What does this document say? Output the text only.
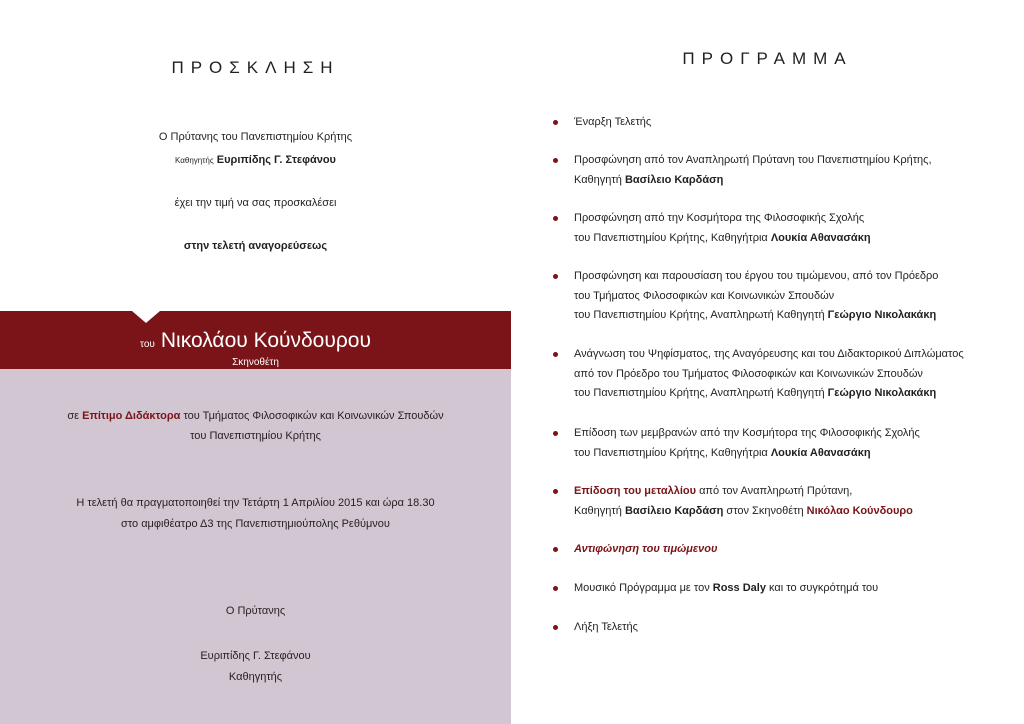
ΠΡΟΣΚΛΗΣΗ
Ο Πρύτανης του Πανεπιστημίου Κρήτης
Καθηγητής Ευριπίδης Γ. Στεφάνου
έχει την τιμή να σας προσκαλέσει
στην τελετή αναγορεύσεως
του Νικολάου Κούνδουρου
Σκηνοθέτη
σε Επίτιμο Διδάκτορα του Τμήματος Φιλοσοφικών και Κοινωνικών Σπουδών
του Πανεπιστημίου Κρήτης
Η τελετή θα πραγματοποιηθεί την Τετάρτη 1 Απριλίου 2015 και ώρα 18.30
στο αμφιθέατρο Δ3 της Πανεπιστημιούπολης Ρεθύμνου
Ο Πρύτανης
Ευριπίδης Γ. Στεφάνου
Καθηγητής
ΠΡΟΓΡΑΜΜΑ
Έναρξη Τελετής
Προσφώνηση από τον Αναπληρωτή Πρύτανη του Πανεπιστημίου Κρήτης,
Καθηγητή Βασίλειο Καρδάση
Προσφώνηση από την Κοσμήτορα της Φιλοσοφικής Σχολής
του Πανεπιστημίου Κρήτης, Καθηγήτρια Λουκία Αθανασάκη
Προσφώνηση και παρουσίαση του έργου του τιμώμενου, από τον Πρόεδρο
του Τμήματος Φιλοσοφικών και Κοινωνικών Σπουδών
του Πανεπιστημίου Κρήτης, Αναπληρωτή Καθηγητή Γεώργιο Νικολακάκη
Ανάγνωση του Ψηφίσματος, της Αναγόρευσης και του Διδακτορικού Διπλώματος
από τον Πρόεδρο του Τμήματος Φιλοσοφικών και Κοινωνικών Σπουδών
του Πανεπιστημίου Κρήτης, Αναπληρωτή Καθηγητή Γεώργιο Νικολακάκη
Επίδοση των μεμβρανών από την Κοσμήτορα της Φιλοσοφικής Σχολής
του Πανεπιστημίου Κρήτης, Καθηγήτρια Λουκία Αθανασάκη
Επίδοση του μεταλλίου από τον Αναπληρωτή Πρύτανη,
Καθηγητή Βασίλειο Καρδάση στον Σκηνοθέτη Νικόλαο Κούνδουρο
Αντιφώνηση του τιμώμενου
Μουσικό Πρόγραμμα με τον Ross Daly και το συγκρότημά του
Λήξη Τελετής
